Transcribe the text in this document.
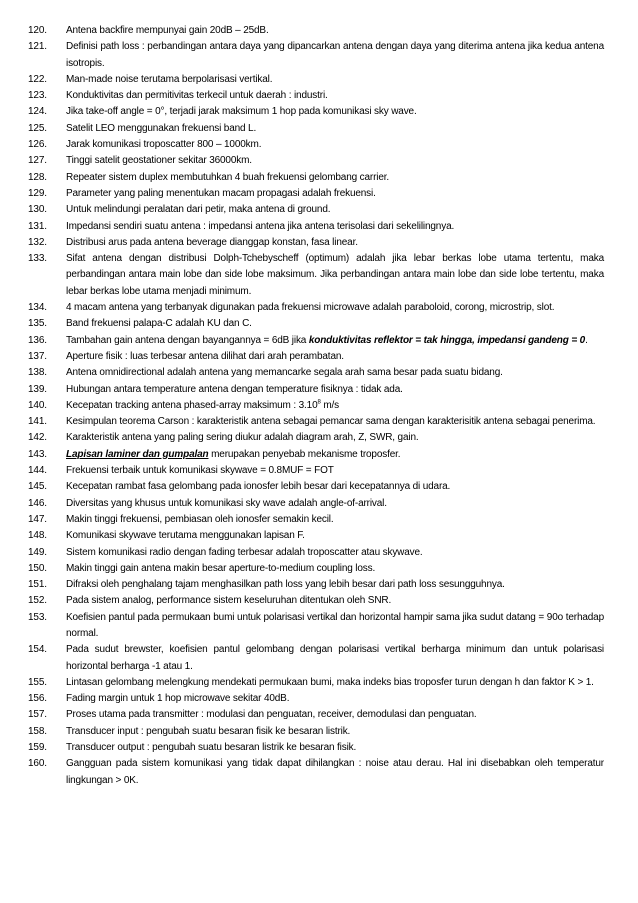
120.	Antena backfire mempunyai gain 20dB – 25dB.
121.	Definisi path loss : perbandingan antara daya yang dipancarkan antena dengan daya yang diterima antena jika kedua antena isotropis.
122.	Man-made noise terutama berpolarisasi vertikal.
123.	Konduktivitas dan permitivitas terkecil untuk daerah : industri.
124.	Jika take-off angle = 0°, terjadi jarak maksimum 1 hop pada komunikasi sky wave.
125.	Satelit LEO menggunakan frekuensi band L.
126.	Jarak komunikasi troposcatter 800 – 1000km.
127.	Tinggi satelit geostationer sekitar 36000km.
128.	Repeater sistem duplex membutuhkan 4 buah frekuensi gelombang carrier.
129.	Parameter yang paling menentukan macam propagasi adalah frekuensi.
130.	Untuk melindungi peralatan dari petir, maka antena di ground.
131.	Impedansi sendiri suatu antena : impedansi antena jika antena terisolasi dari sekelilingnya.
132.	Distribusi arus pada antena beverage dianggap konstan, fasa linear.
133.	Sifat antena dengan distribusi Dolph-Tchebyscheff (optimum) adalah jika lebar berkas lobe utama tertentu, maka perbandingan antara main lobe dan side lobe maksimum. Jika perbandingan antara main lobe dan side lobe tertentu, maka lebar berkas lobe utama menjadi minimum.
134.	4 macam antena yang terbanyak digunakan pada frekuensi microwave adalah paraboloid, corong, microstrip, slot.
135.	Band frekuensi palapa-C adalah KU dan C.
136.	Tambahan gain antena dengan bayangannya = 6dB jika konduktivitas reflektor = tak hingga, impedansi gandeng = 0.
137.	Aperture fisik : luas terbesar antena dilihat dari arah perambatan.
138.	Antena omnidirectional adalah antena yang memancarke segala arah sama besar pada suatu bidang.
139.	Hubungan antara temperature antena dengan temperature fisiknya : tidak ada.
140.	Kecepatan tracking antena phased-array maksimum : 3.10$^8$ m/s
141.	Kesimpulan teorema Carson : karakteristik antena sebagai pemancar sama dengan karakterisitik antena sebagai penerima.
142.	Karakteristik antena yang paling sering diukur adalah diagram arah, Z, SWR, gain.
143.	Lapisan laminer dan gumpalan merupakan penyebab mekanisme troposfer.
144.	Frekuensi terbaik untuk komunikasi skywave = 0.8MUF = FOT
145.	Kecepatan rambat fasa gelombang pada ionosfer lebih besar dari kecepatannya di udara.
146.	Diversitas yang khusus untuk komunikasi sky wave adalah angle-of-arrival.
147.	Makin tinggi frekuensi, pembiasan oleh ionosfer semakin kecil.
148.	Komunikasi skywave terutama menggunakan lapisan F.
149.	Sistem komunikasi radio dengan fading terbesar adalah troposcatter atau skywave.
150.	Makin tinggi gain antena makin besar aperture-to-medium coupling loss.
151.	Difraksi oleh penghalang tajam menghasilkan path loss yang lebih besar dari path loss sesungguhnya.
152.	Pada sistem analog, performance sistem keseluruhan ditentukan oleh SNR.
153.	Koefisien pantul pada permukaan bumi untuk polarisasi vertikal dan horizontal hampir sama jika sudut datang = 90o terhadap normal.
154.	Pada sudut brewster, koefisien pantul gelombang dengan polarisasi vertikal berharga minimum dan untuk polarisasi horizontal berharga -1 atau 1.
155.	Lintasan gelombang melengkung mendekati permukaan bumi, maka indeks bias troposfer turun dengan h dan faktor K > 1.
156.	Fading margin untuk 1 hop microwave sekitar 40dB.
157.	Proses utama pada transmitter : modulasi dan penguatan, receiver, demodulasi dan penguatan.
158.	Transducer input : pengubah suatu besaran fisik ke besaran listrik.
159.	Transducer output : pengubah suatu besaran listrik ke besaran fisik.
160.	Gangguan pada sistem komunikasi yang tidak dapat dihilangkan : noise atau derau. Hal ini disebabkan oleh temperatur lingkungan > 0K.
